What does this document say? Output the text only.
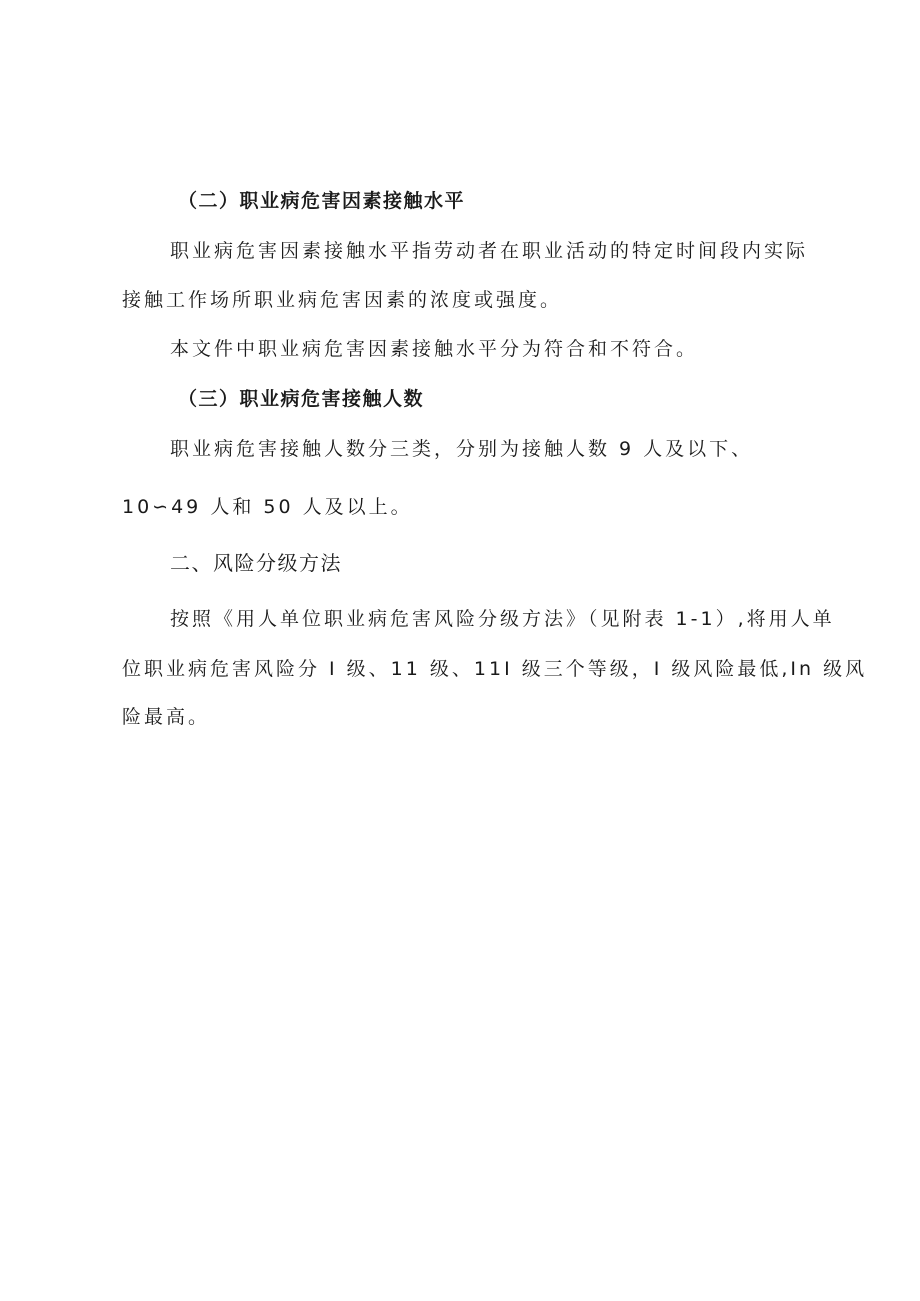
（二）职业病危害因素接触水平
职业病危害因素接触水平指劳动者在职业活动的特定时间段内实际
接触工作场所职业病危害因素的浓度或强度。
本文件中职业病危害因素接触水平分为符合和不符合。
（三）职业病危害接触人数
职业病危害接触人数分三类，分别为接触人数 9 人及以下、
10∽49 人和 50 人及以上。
二、风险分级方法
按照《用人单位职业病危害风险分级方法》（见附表 1-1）,将用人单
位职业病危害风险分 I 级、11 级、11I 级三个等级，I 级风险最低,In 级风
险最高。
